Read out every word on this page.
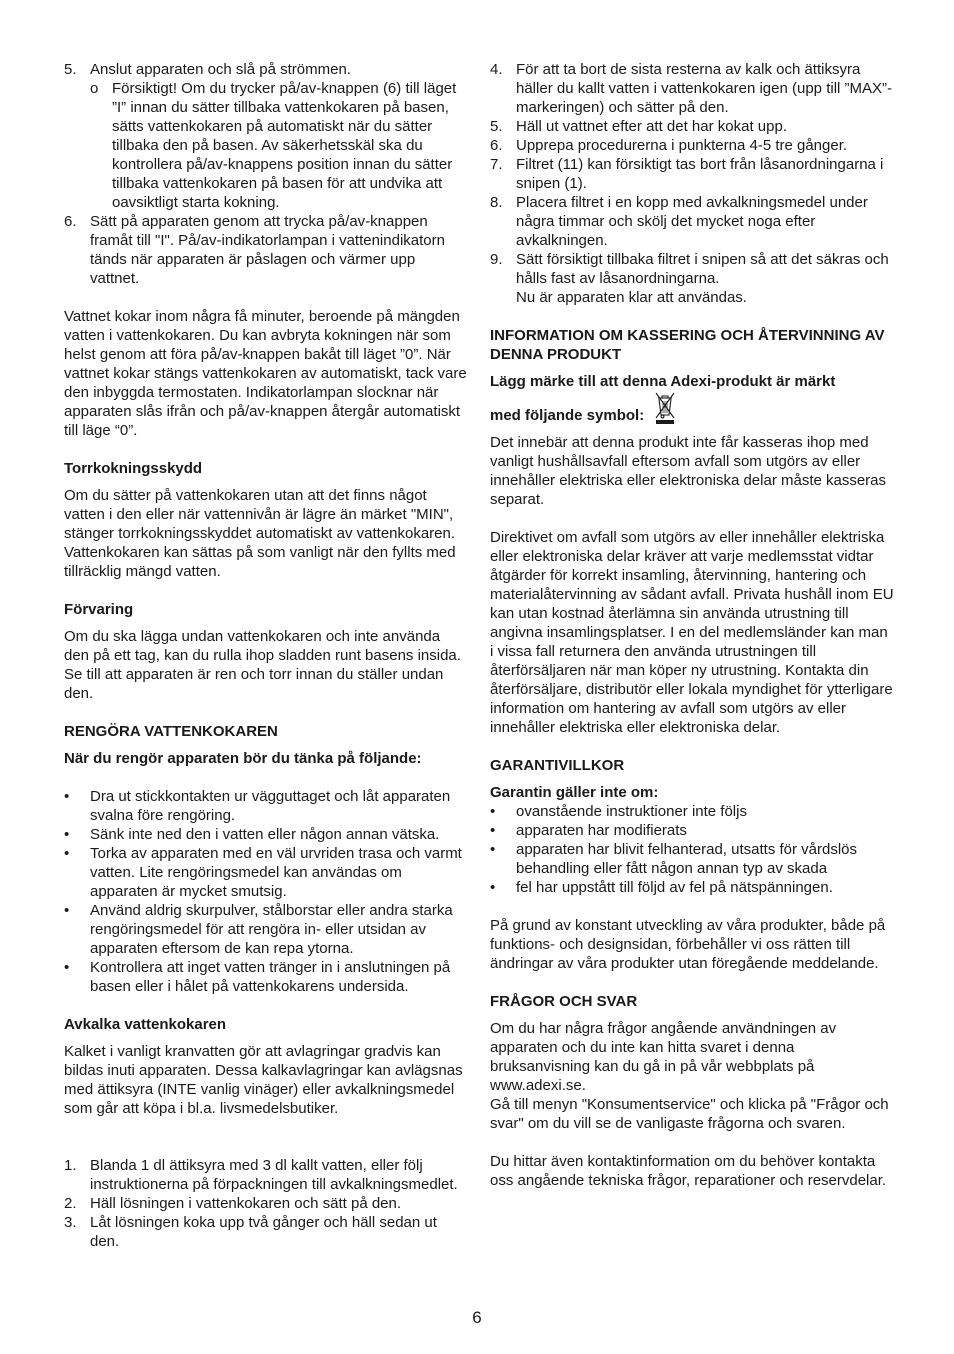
5. Anslut apparaten och slå på strömmen.
o Försiktigt! Om du trycker på/av-knappen (6) till läget ”I” innan du sätter tillbaka vattenkokaren på basen, sätts vattenkokaren på automatiskt när du sätter tillbaka den på basen. Av säkerhetsskäl ska du kontrollera på/av-knappens position innan du sätter tillbaka vattenkokaren på basen för att undvika att oavsiktligt starta kokning.
6. Sätt på apparaten genom att trycka på/av-knappen framåt till "I". På/av-indikatorlampan i vattenindikatorn tänds när apparaten är påslagen och värmer upp vattnet.

Vattnet kokar inom några få minuter, beroende på mängden vatten i vattenkokaren. Du kan avbryta kokningen när som helst genom att föra på/av-knappen bakåt till läget ”0”. När vattnet kokar stängs vattenkokaren av automatiskt, tack vare den inbyggda termostaten. Indikatorlampan slocknar när apparaten slås ifrån och på/av-knappen återgår automatiskt till läge “0”.

Torrkokningsskydd

Om du sätter på vattenkokaren utan att det finns något vatten i den eller när vattennivån är lägre än märket "MIN", stänger torrkokningsskyddet automatiskt av vattenkokaren. Vattenkokaren kan sättas på som vanligt när den fyllts med tillräcklig mängd vatten.

Förvaring

Om du ska lägga undan vattenkokaren och inte använda den på ett tag, kan du rulla ihop sladden runt basens insida. Se till att apparaten är ren och torr innan du ställer undan den.

RENGÖRA VATTENKOKAREN
När du rengör apparaten bör du tänka på följande:
• Dra ut stickkontakten ur vägguttaget och låt apparaten svalna före rengöring.
• Sänk inte ned den i vatten eller någon annan vätska.
• Torka av apparaten med en väl urvriden trasa och varmt vatten. Lite rengöringsmedel kan användas om apparaten är mycket smutsig.
• Använd aldrig skurpulver, stålborstar eller andra starka rengöringsmedel för att rengöra in- eller utsidan av apparaten eftersom de kan repa ytorna.
• Kontrollera att inget vatten tränger in i anslutningen på basen eller i hålet på vattenkokarens undersida.
Avkalka vattenkokaren

Kalket i vanligt kranvatten gör att avlagringar gradvis kan bildas inuti apparaten. Dessa kalkavlagringar kan avlägsnas med ättiksyra (INTE vanlig vinäger) eller avkalkningsmedel som går att köpa i bl.a. livsmedelsbutiker.

1. Blanda 1 dl ättiksyra med 3 dl kallt vatten, eller följ instruktionerna på förpackningen till avkalkningsmedlet.
2. Häll lösningen i vattenkokaren och sätt på den.
3. Låt lösningen koka upp två gånger och häll sedan ut den.
4. För att ta bort de sista resterna av kalk och ättiksyra häller du kallt vatten i vattenkokaren igen (upp till ”MAX”-markeringen) och sätter på den.
5. Häll ut vattnet efter att det har kokat upp.
6. Upprepa procedurerna i punkterna 4-5 tre gånger.
7. Filtret (11) kan försiktigt tas bort från låsanordningarna i snipen (1).
8. Placera filtret i en kopp med avkalkningsmedel under några timmar och skölj det mycket noga efter avkalkningen.
9. Sätt försiktigt tillbaka filtret i snipen så att det säkras och hålls fast av låsanordningarna.

Nu är apparaten klar att användas.

INFORMATION OM KASSERING OCH ÅTERVINNING AV DENNA PRODUKT
Lägg märke till att denna Adexi-produkt är märkt
med följande symbol:

Det innebär att denna produkt inte får kasseras ihop med vanligt hushållsavfall eftersom avfall som utgörs av eller innehåller elektriska eller elektroniska delar måste kasseras separat.

Direktivet om avfall som utgörs av eller innehåller elektriska eller elektroniska delar kräver att varje medlemsstat vidtar åtgärder för korrekt insamling, återvinning, hantering och materialåtervinning av sådant avfall. Privata hushåll inom EU kan utan kostnad återlämna sin använda utrustning till angivna insamlingsplatser. I en del medlemsländer kan man i vissa fall returnera den använda utrustningen till återförsäljaren när man köper ny utrustning. Kontakta din återförsäljare, distributör eller lokala myndighet för ytterligare information om hantering av avfall som utgörs av eller innehåller elektriska eller elektroniska delar.

GARANTIVILLKOR
Garantin gäller inte om:
• ovanstående instruktioner inte följs
• apparaten har modifierats
• apparaten har blivit felhanterad, utsatts för vårdslös behandling eller fått någon annan typ av skada
• fel har uppstått till följd av fel på nätspänningen.

På grund av konstant utveckling av våra produkter, både på funktions- och designsidan, förbehåller vi oss rätten till ändringar av våra produkter utan föregående meddelande.

FRÅGOR OCH SVAR

Om du har några frågor angående användningen av apparaten och du inte kan hitta svaret i denna bruksanvisning kan du gå in på vår webbplats på www.adexi.se.

Gå till menyn "Konsumentservice" och klicka på "Frågor och svar" om du vill se de vanligaste frågorna och svaren.

Du hittar även kontaktinformation om du behöver kontakta oss angående tekniska frågor, reparationer och reservdelar.

6
